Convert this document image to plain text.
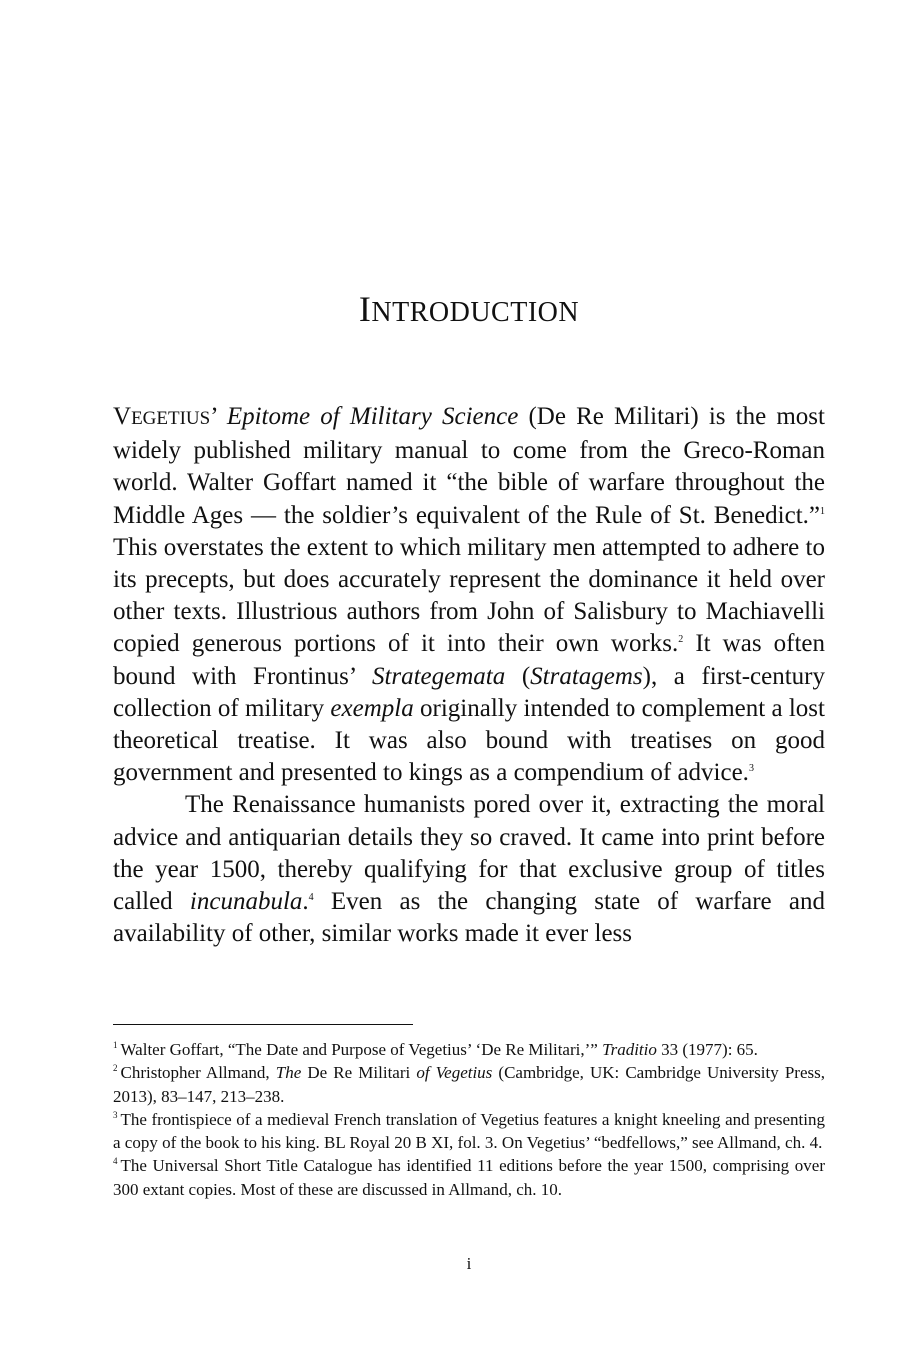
INTRODUCTION

VEGETIUS’ Epitome of Military Science (De Re Militari) is the most widely published military manual to come from the Greco-Roman world. Walter Goffart named it “the bible of warfare throughout the Middle Ages — the soldier’s equivalent of the Rule of St. Benedict.”$^1$ This overstates the extent to which military men attempted to adhere to its precepts, but does accurately represent the dominance it held over other texts. Illustrious authors from John of Salisbury to Machiavelli copied generous portions of it into their own works.$^2$ It was often bound with Frontinus’ Strategemata (Stratagems), a first-century collection of military exempla originally intended to complement a lost theoretical treatise. It was also bound with treatises on good government and presented to kings as a compendium of advice.$^3$

The Renaissance humanists pored over it, extracting the moral advice and antiquarian details they so craved. It came into print before the year 1500, thereby qualifying for that exclusive group of titles called incunabula.$^4$ Even as the changing state of warfare and availability of other, similar works made it ever less

$^1$ Walter Goffart, “The Date and Purpose of Vegetius’ ‘De Re Militari,’” Traditio 33 (1977): 65.

$^2$ Christopher Allmand, The De Re Militari of Vegetius (Cambridge, UK: Cambridge University Press, 2013), 83–147, 213–238.

$^3$ The frontispiece of a medieval French translation of Vegetius features a knight kneeling and presenting a copy of the book to his king. BL Royal 20 B XI, fol. 3. On Vegetius’ “bedfellows,” see Allmand, ch. 4.

$^4$ The Universal Short Title Catalogue has identified 11 editions before the year 1500, comprising over 300 extant copies. Most of these are discussed in Allmand, ch. 10.

i
